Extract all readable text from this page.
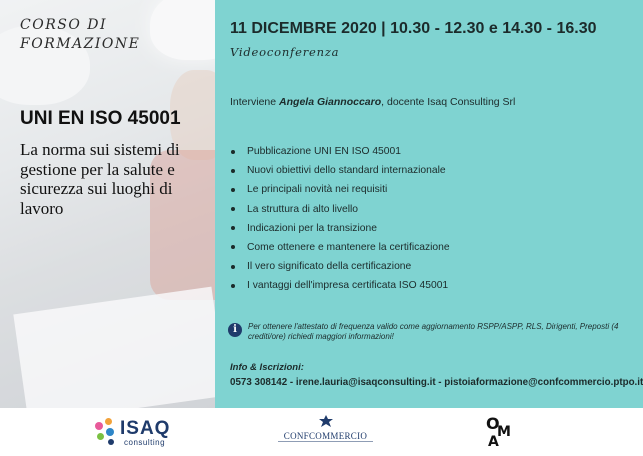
CORSO DI FORMAZIONE
UNI EN ISO 45001
La norma sui sistemi di gestione per la salute e sicurezza sui luoghi di lavoro
11 DICEMBRE 2020 | 10.30 - 12.30 e 14.30 - 16.30
Videoconferenza
Interviene Angela Giannoccaro, docente Isaq Consulting Srl
Pubblicazione UNI EN ISO 45001
Nuovi obiettivi dello standard internazionale
Le principali novità nei requisiti
La struttura di alto livello
Indicazioni per la transizione
Come ottenere e mantenere la certificazione
Il vero significato della certificazione
I vantaggi dell'impresa certificata ISO 45001
i	Per ottenere l'attestato di frequenza valido come aggiornamento RSPP/ASPP, RLS, Dirigenti, Preposti (4 crediti/ore) richiedi maggiori informazioni!
Info & Iscrizioni:
0573 308142 - irene.lauria@isaqconsulting.it - pistoiaformazione@confcommercio.ptpo.it
ISAQ
consulting
CONFCOMMERCIO
O
M
A
